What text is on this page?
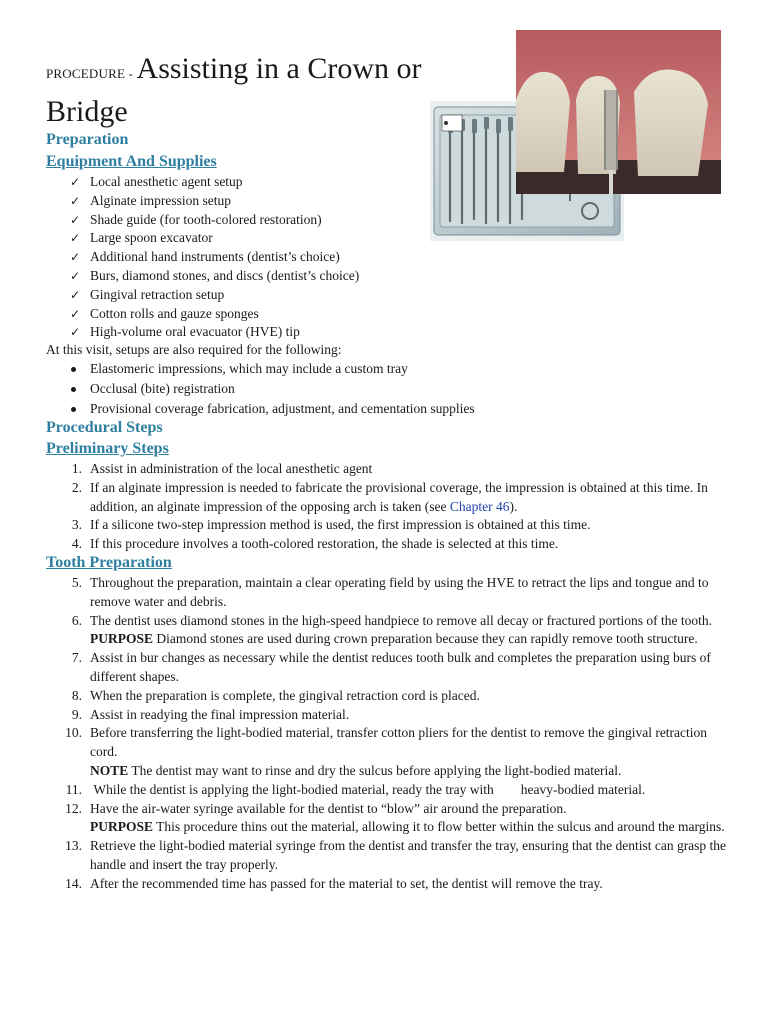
PROCEDURE - Assisting in a Crown or
Bridge
Preparation
Equipment And Supplies
✓ Local anesthetic agent setup
✓ Alginate impression setup
✓ Shade guide (for tooth-colored restoration)
✓ Large spoon excavator
✓ Additional hand instruments (dentist’s choice)
✓ Burs, diamond stones, and discs (dentist’s choice)
✓ Gingival retraction setup
✓ Cotton rolls and gauze sponges
✓ High-volume oral evacuator (HVE) tip
At this visit, setups are also required for the following:
Elastomeric impressions, which may include a custom tray
Occlusal (bite) registration
Provisional coverage fabrication, adjustment, and cementation supplies
Procedural Steps
Preliminary Steps
1. Assist in administration of the local anesthetic agent
2. If an alginate impression is needed to fabricate the provisional coverage, the impression is obtained at this time. In addition, an alginate impression of the opposing arch is taken (see Chapter 46).
3. If a silicone two-step impression method is used, the first impression is obtained at this time.
4. If this procedure involves a tooth-colored restoration, the shade is selected at this time.
Tooth Preparation
5. Throughout the preparation, maintain a clear operating field by using the HVE to retract the lips and tongue and to remove water and debris.
6. The dentist uses diamond stones in the high-speed handpiece to remove all decay or fractured portions of the tooth.
PURPOSE Diamond stones are used during crown preparation because they can rapidly remove tooth structure.
7. Assist in bur changes as necessary while the dentist reduces tooth bulk and completes the preparation using burs of different shapes.
8. When the preparation is complete, the gingival retraction cord is placed.
9. Assist in readying the final impression material.
10. Before transferring the light-bodied material, transfer cotton pliers for the dentist to remove the gingival retraction cord.
NOTE The dentist may want to rinse and dry the sulcus before applying the light-bodied material.
11. While the dentist is applying the light-bodied material, ready the tray with        heavy-bodied material.
12. Have the air-water syringe available for the dentist to “blow” air around the preparation.
PURPOSE This procedure thins out the material, allowing it to flow better within the sulcus and around the margins.
13. Retrieve the light-bodied material syringe from the dentist and transfer the tray, ensuring that the dentist can grasp the handle and insert the tray properly.
14. After the recommended time has passed for the material to set, the dentist will remove the tray.
